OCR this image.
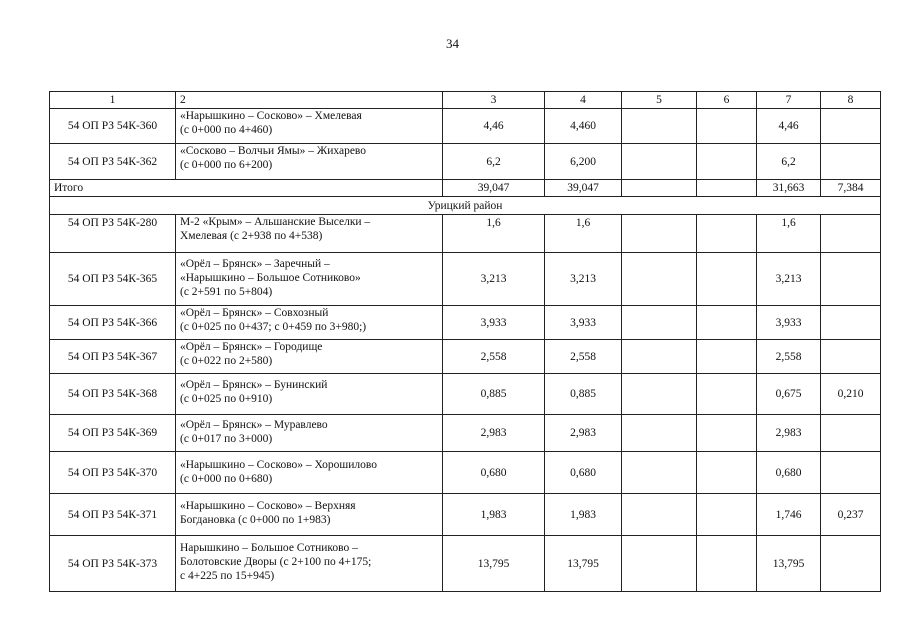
34
1	2	3	4	5	6	7	8
54 ОП РЗ 54К-360	«Нарышкино – Сосково» – Хмелевая
(с 0+000 по 4+460)	4,46	4,460			4,46	
54 ОП РЗ 54К-362	«Сосково – Волчьи Ямы» – Жихарево
(с 0+000 по 6+200)	6,2	6,200			6,2	
Итого		39,047	39,047			31,663	7,384
Урицкий район							
54 ОП РЗ 54К-280	М-2 «Крым» – Альшанские Выселки –
Хмелевая (с 2+938 по 4+538)	1,6	1,6			1,6	
54 ОП РЗ 54К-365	«Орёл – Брянск» – Заречный –
«Нарышкино – Большое Сотниково»
(с 2+591 по 5+804)	3,213	3,213			3,213	
54 ОП РЗ 54К-366	«Орёл – Брянск» – Совхозный
(с 0+025 по 0+437; с 0+459 по 3+980;)	3,933	3,933			3,933	
54 ОП РЗ 54К-367	«Орёл – Брянск» – Городище
(с 0+022 по 2+580)	2,558	2,558			2,558	
54 ОП РЗ 54К-368	«Орёл – Брянск» – Бунинский
(с 0+025 по 0+910)	0,885	0,885			0,675	0,210
54 ОП РЗ 54К-369	«Орёл – Брянск» – Муравлево
(с 0+017 по 3+000)	2,983	2,983			2,983	
54 ОП РЗ 54К-370	«Нарышкино – Сосково» – Хорошилово
(с 0+000 по 0+680)	0,680	0,680			0,680	
54 ОП РЗ 54К-371	«Нарышкино – Сосково» – Верхняя
Богдановка (с 0+000 по 1+983)	1,983	1,983			1,746	0,237
54 ОП РЗ 54К-373	Нарышкино – Большое Сотниково –
Болотовские Дворы (с 2+100 по 4+175;
с 4+225 по 15+945)	13,795	13,795			13,795	
